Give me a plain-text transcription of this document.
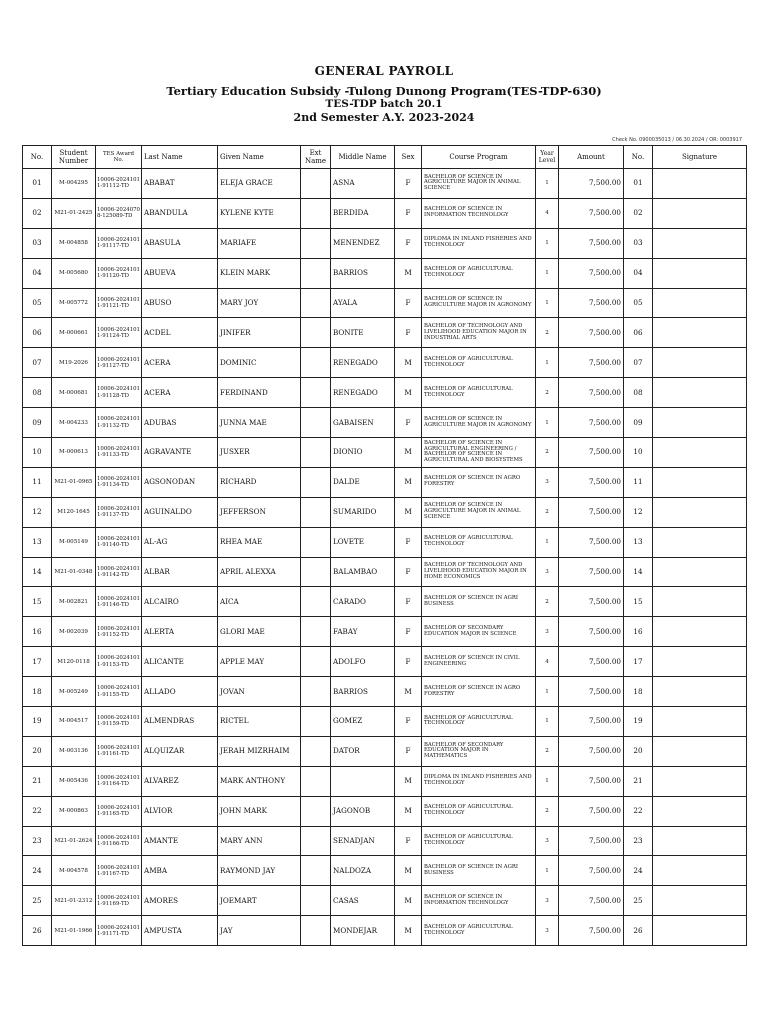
GENERAL PAYROLL
Tertiary Education Subsidy -Tulong Dunong Program(TES-TDP-630)
TES-TDP batch 20.1
2nd Semester A.Y. 2023-2024
Check No. 0900035013 / 06.30.2024 / OR: 0003917
No.	Student Number	TES Award No.	Last Name	Given Name	Ext Name	Middle Name	Sex	Course Program	Year Level	Amount	No.	Signature
01	M-004295	10006-20241011-91112-TD	ABABAT	ELEJA GRACE		ASNA	F	BACHELOR OF SCIENCE IN AGRICULTURE MAJOR IN ANIMAL SCIENCE	1	7,500.00	01	
02	M21-01-2425	10006-20240708-125089-TD	ABANDULA	KYLENE KYTE		BERDIDA	F	BACHELOR OF SCIENCE IN INFORMATION TECHNOLOGY	4	7,500.00	02	
03	M-004858	10006-20241011-91117-TD	ABASULA	MARIAFE		MENENDEZ	F	DIPLOMA IN INLAND FISHERIES AND TECHNOLOGY	1	7,500.00	03	
04	M-005680	10006-20241011-91120-TD	ABUEVA	KLEIN MARK		BARRIOS	M	BACHELOR OF AGRICULTURAL TECHNOLOGY	1	7,500.00	04	
05	M-005772	10006-20241011-91121-TD	ABUSO	MARY JOY		AYALA	F	BACHELOR OF SCIENCE IN AGRICULTURE MAJOR IN AGRONOMY	1	7,500.00	05	
06	M-000661	10006-20241011-91124-TD	ACDEL	JINIFER		BONITE	F	BACHELOR OF TECHNOLOGY AND LIVELIHOOD EDUCATION MAJOR IN INDUSTRIAL ARTS	2	7,500.00	06	
07	M19-2026	10006-20241011-91127-TD	ACERA	DOMINIC		RENEGADO	M	BACHELOR OF AGRICULTURAL TECHNOLOGY	1	7,500.00	07	
08	M-000681	10006-20241011-91128-TD	ACERA	FERDINAND		RENEGADO	M	BACHELOR OF AGRICULTURAL TECHNOLOGY	2	7,500.00	08	
09	M-004233	10006-20241011-91132-TD	ADUBAS	JUNNA MAE		GABAISEN	F	BACHELOR OF SCIENCE IN AGRICULTURE MAJOR IN AGRONOMY	1	7,500.00	09	
10	M-000613	10006-20241011-91133-TD	AGRAVANTE	JUSXER		DIONIO	M	BACHELOR OF SCIENCE IN AGRICULTURAL ENGINEERING / BACHELOR OF SCIENCE IN AGRICULTURAL AND BIOSYSTEMS	2	7,500.00	10	
11	M21-01-0965	10006-20241011-91134-TD	AGSONODAN	RICHARD		DALDE	M	BACHELOR OF SCIENCE IN AGRO FORESTRY	3	7,500.00	11	
12	M120-1645	10006-20241011-91137-TD	AGUINALDO	JEFFERSON		SUMARIDO	M	BACHELOR OF SCIENCE IN AGRICULTURE MAJOR IN ANIMAL SCIENCE	2	7,500.00	12	
13	M-005149	10006-20241011-91140-TD	AL-AG	RHEA MAE		LOVETE	F	BACHELOR OF AGRICULTURAL TECHNOLOGY	1	7,500.00	13	
14	M21-01-0348	10006-20241011-91142-TD	ALBAR	APRIL ALEXXA		BALAMBAO	F	BACHELOR OF TECHNOLOGY AND LIVELIHOOD EDUCATION MAJOR IN HOME ECONOMICS	3	7,500.00	14	
15	M-002821	10006-20241011-91146-TD	ALCAIRO	AICA		CARADO	F	BACHELOR OF SCIENCE IN AGRI BUSINESS	2	7,500.00	15	
16	M-002039	10006-20241011-91152-TD	ALERTA	GLORI MAE		FABAY	F	BACHELOR OF SECONDARY EDUCATION MAJOR IN SCIENCE	3	7,500.00	16	
17	M120-0118	10006-20241011-91153-TD	ALICANTE	APPLE MAY		ADOLFO	F	BACHELOR OF SCIENCE IN CIVIL ENGINEERING	4	7,500.00	17	
18	M-005249	10006-20241011-91155-TD	ALLADO	JOVAN		BARRIOS	M	BACHELOR OF SCIENCE IN AGRO FORESTRY	1	7,500.00	18	
19	M-004517	10006-20241011-91159-TD	ALMENDRAS	RICTEL		GOMEZ	F	BACHELOR OF AGRICULTURAL TECHNOLOGY	1	7,500.00	19	
20	M-003136	10006-20241011-91161-TD	ALQUIZAR	JERAH MIZRHAIM		DATOR	F	BACHELOR OF SECONDARY EDUCATION MAJOR IN MATHEMATICS	2	7,500.00	20	
21	M-005436	10006-20241011-91164-TD	ALVAREZ	MARK ANTHONY			M	DIPLOMA IN INLAND FISHERIES AND TECHNOLOGY	1	7,500.00	21	
22	M-000863	10006-20241011-91165-TD	ALVIOR	JOHN MARK		JAGONOB	M	BACHELOR OF AGRICULTURAL TECHNOLOGY	2	7,500.00	22	
23	M21-01-2624	10006-20241011-91166-TD	AMANTE	MARY ANN		SENADJAN	F	BACHELOR OF AGRICULTURAL TECHNOLOGY	3	7,500.00	23	
24	M-004578	10006-20241011-91167-TD	AMBA	RAYMOND JAY		NALDOZA	M	BACHELOR OF SCIENCE IN AGRI BUSINESS	1	7,500.00	24	
25	M21-01-2312	10006-20241011-91169-TD	AMORES	JOEMART		CASAS	M	BACHELOR OF SCIENCE IN INFORMATION TECHNOLOGY	3	7,500.00	25	
26	M21-01-1966	10006-20241011-91171-TD	AMPUSTA	JAY		MONDEJAR	M	BACHELOR OF AGRICULTURAL TECHNOLOGY	3	7,500.00	26	
